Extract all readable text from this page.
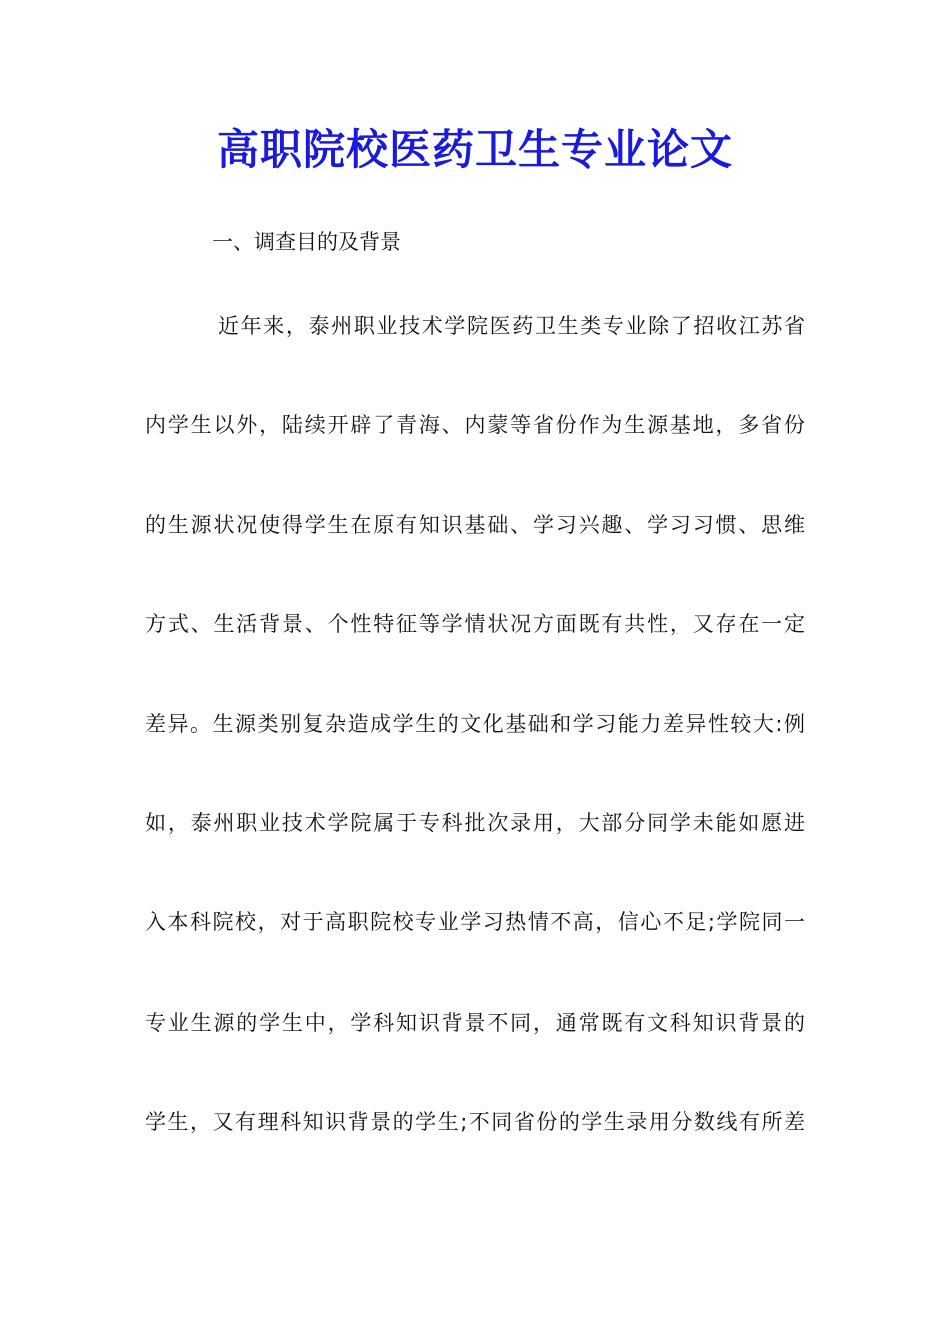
高职院校医药卫生专业论文
一、调查目的及背景
近年来，泰州职业技术学院医药卫生类专业除了招收江苏省
内学生以外，陆续开辟了青海、内蒙等省份作为生源基地，多省份
的生源状况使得学生在原有知识基础、学习兴趣、学习习惯、思维
方式、生活背景、个性特征等学情状况方面既有共性，又存在一定
差异。生源类别复杂造成学生的文化基础和学习能力差异性较大:例
如，泰州职业技术学院属于专科批次录用，大部分同学未能如愿进
入本科院校，对于高职院校专业学习热情不高，信心不足;学院同一
专业生源的学生中，学科知识背景不同，通常既有文科知识背景的
学生，又有理科知识背景的学生;不同省份的学生录用分数线有所差
